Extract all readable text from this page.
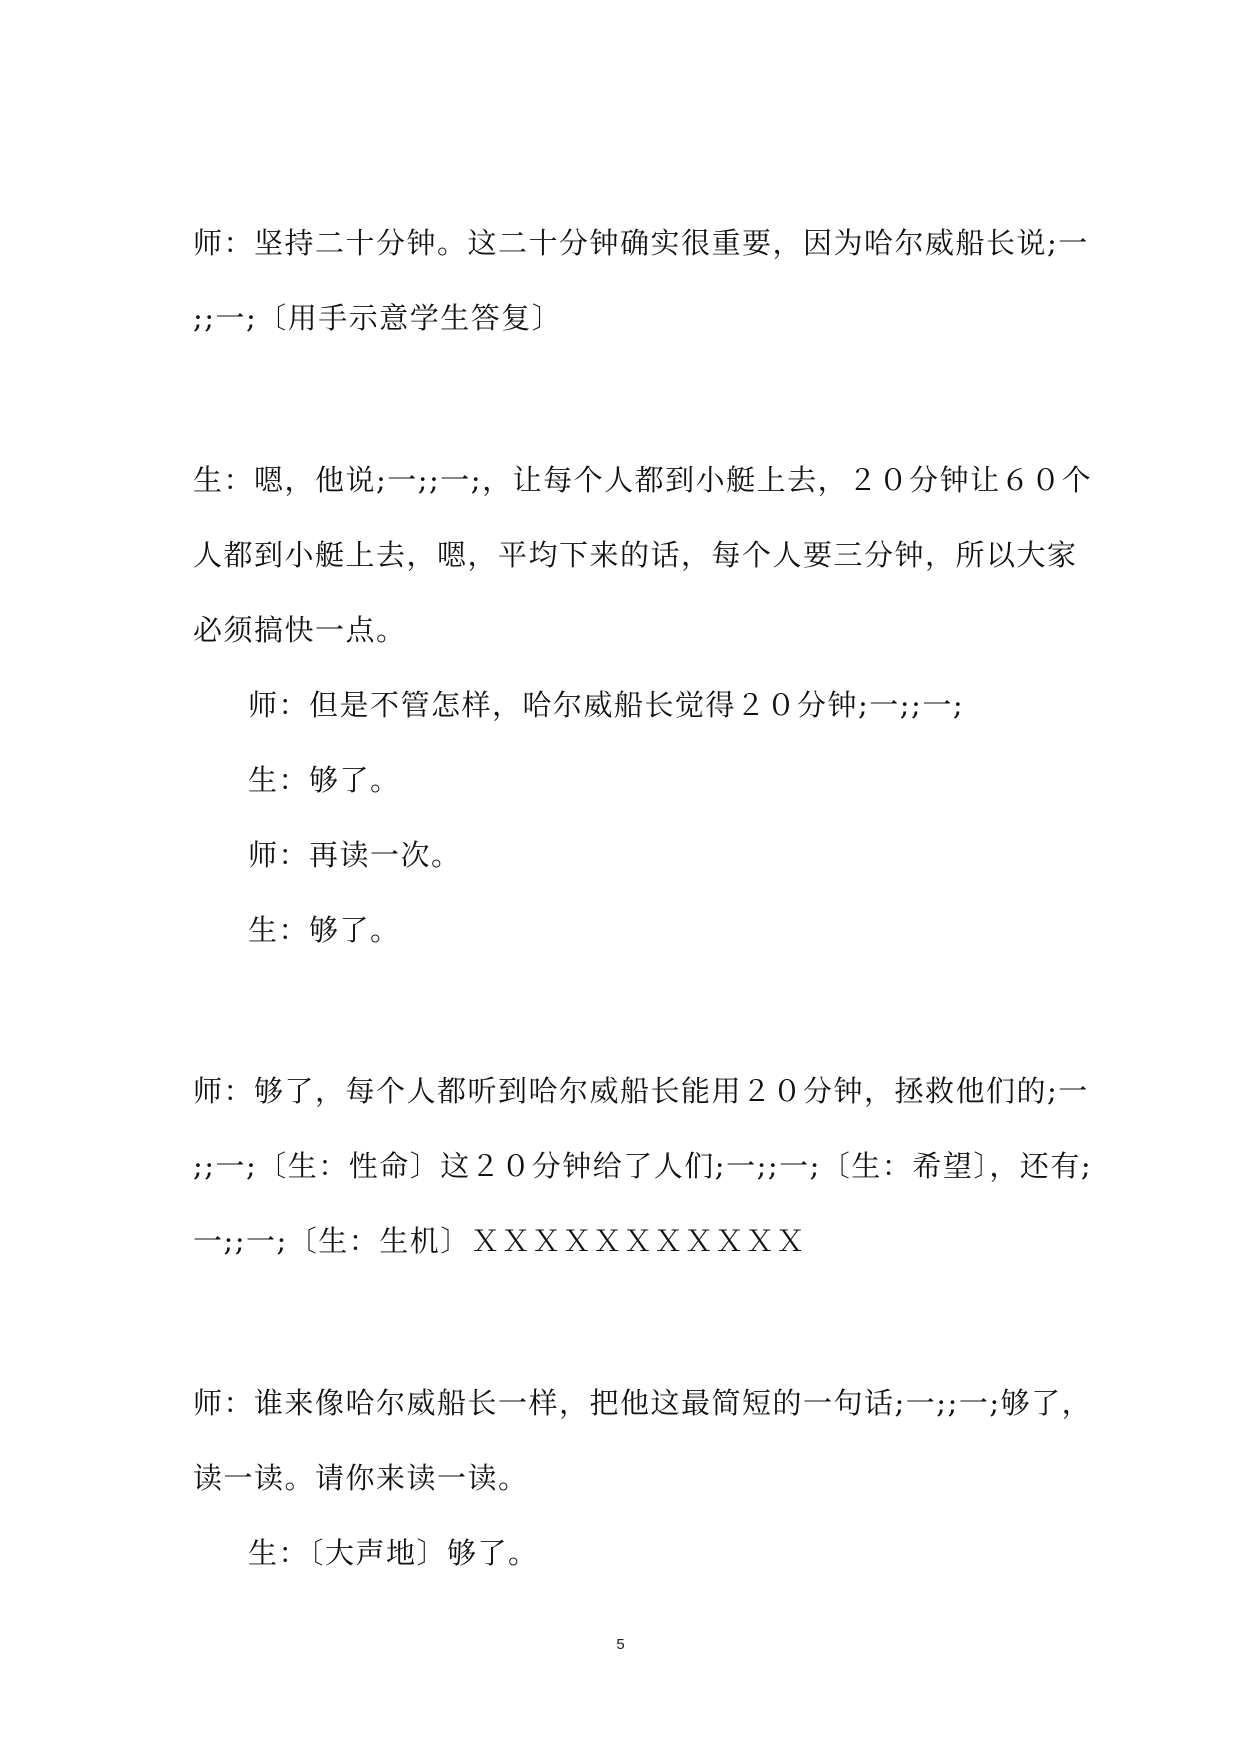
师：坚持二十分钟。这二十分钟确实很重要，因为哈尔威船长说;一
;;一;〔用手示意学生答复〕
生：嗯，他说;一;;一;，让每个人都到小艇上去，２０分钟让６０个
人都到小艇上去，嗯，平均下来的话，每个人要三分钟，所以大家
必须搞快一点。
师：但是不管怎样，哈尔威船长觉得２０分钟;一;;一;
生：够了。
师：再读一次。
生：够了。
师：够了，每个人都听到哈尔威船长能用２０分钟，拯救他们的;一
;;一;〔生：性命〕这２０分钟给了人们;一;;一;〔生：希望〕，还有;
一;;一;〔生：生机〕ＸＸＸＸＸＸＸＸＸＸＸ
师：谁来像哈尔威船长一样，把他这最简短的一句话;一;;一;够了，
读一读。请你来读一读。
生：〔大声地〕够了。
5
